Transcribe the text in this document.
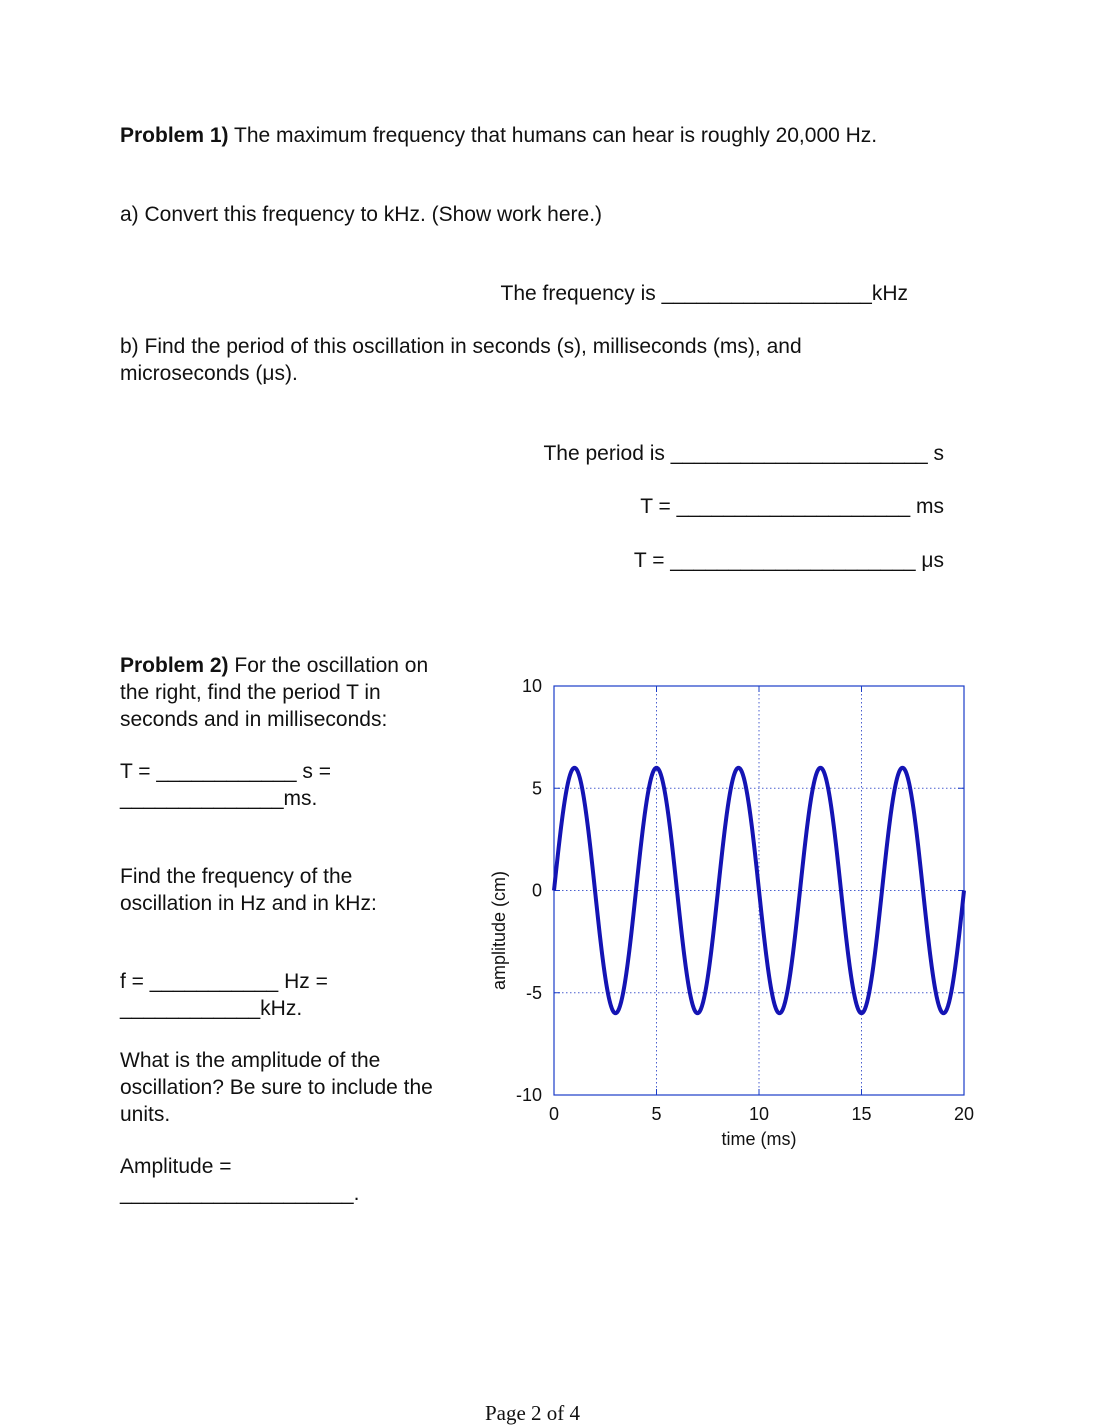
Problem 1) The maximum frequency that humans can hear is roughly 20,000 Hz.
a) Convert this frequency to kHz. (Show work here.)
The frequency is __________________kHz
b) Find the period of this oscillation in seconds (s), milliseconds (ms), and microseconds (μs).
The period is ______________________ s
T = ____________________ ms
T = _____________________ μs
Problem 2) For the oscillation on the right, find the period T in seconds and in milliseconds:
T = ____________ s =
______________ms.
Find the frequency of the oscillation in Hz and in kHz:
f = ___________ Hz =
____________kHz.
What is the amplitude of the oscillation? Be sure to include the units.
Amplitude =
____________________.
0	5	10	15	20
-10
-5
0
5
10
time (ms)
amplitude (cm)
Page 2 of 4
